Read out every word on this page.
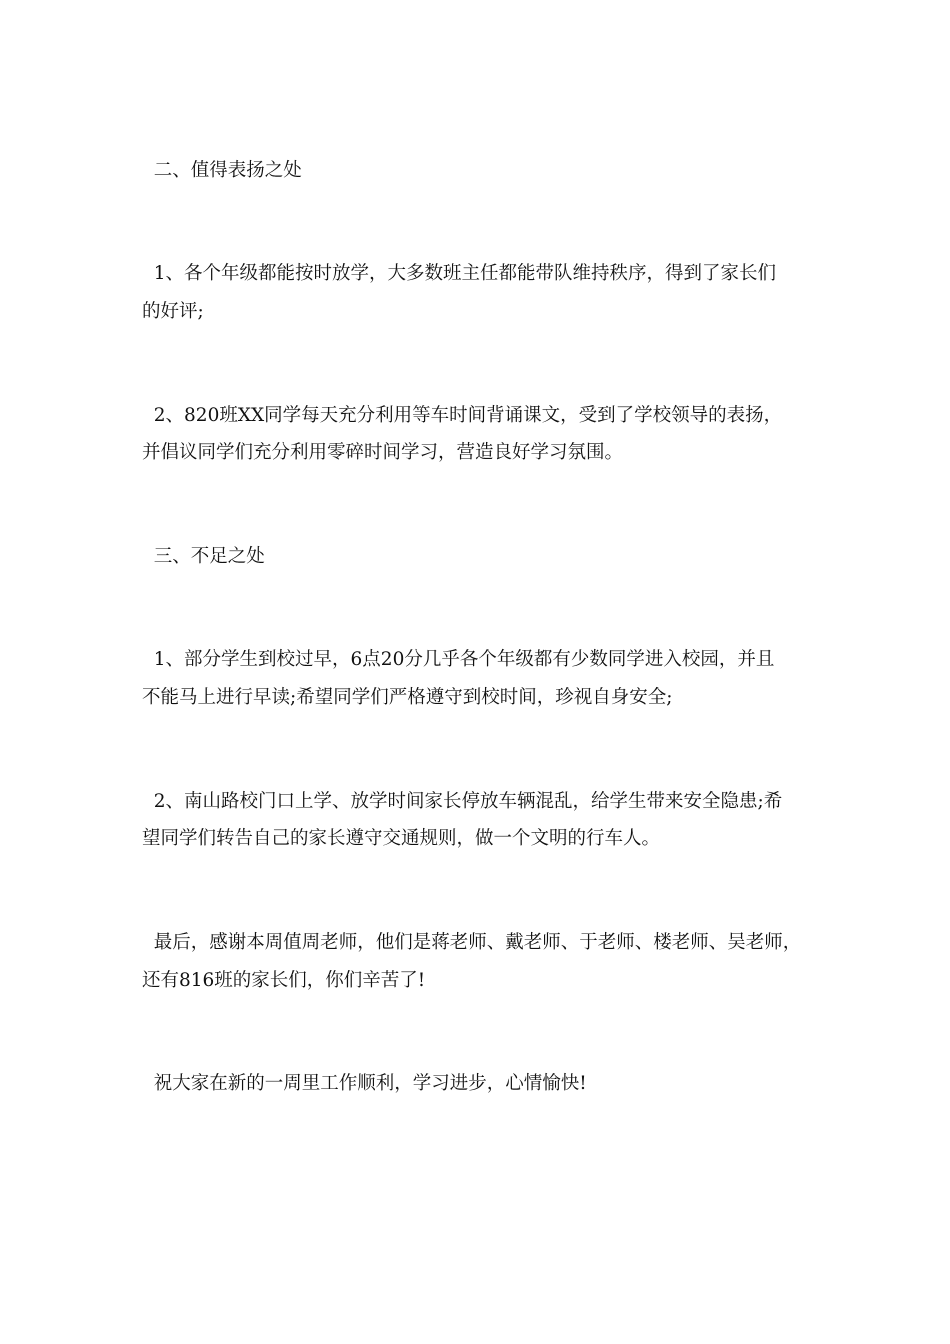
二、值得表扬之处
1、各个年级都能按时放学，大多数班主任都能带队维持秩序，得到了家长们
的好评;
2、820班XX同学每天充分利用等车时间背诵课文，受到了学校领导的表扬，
并倡议同学们充分利用零碎时间学习，营造良好学习氛围。
三、不足之处
1、部分学生到校过早，6点20分几乎各个年级都有少数同学进入校园，并且
不能马上进行早读;希望同学们严格遵守到校时间，珍视自身安全;
2、南山路校门口上学、放学时间家长停放车辆混乱，给学生带来安全隐患;希
望同学们转告自己的家长遵守交通规则，做一个文明的行车人。
最后，感谢本周值周老师，他们是蒋老师、戴老师、于老师、楼老师、吴老师，
还有816班的家长们，你们辛苦了!
祝大家在新的一周里工作顺利，学习进步，心情愉快!
